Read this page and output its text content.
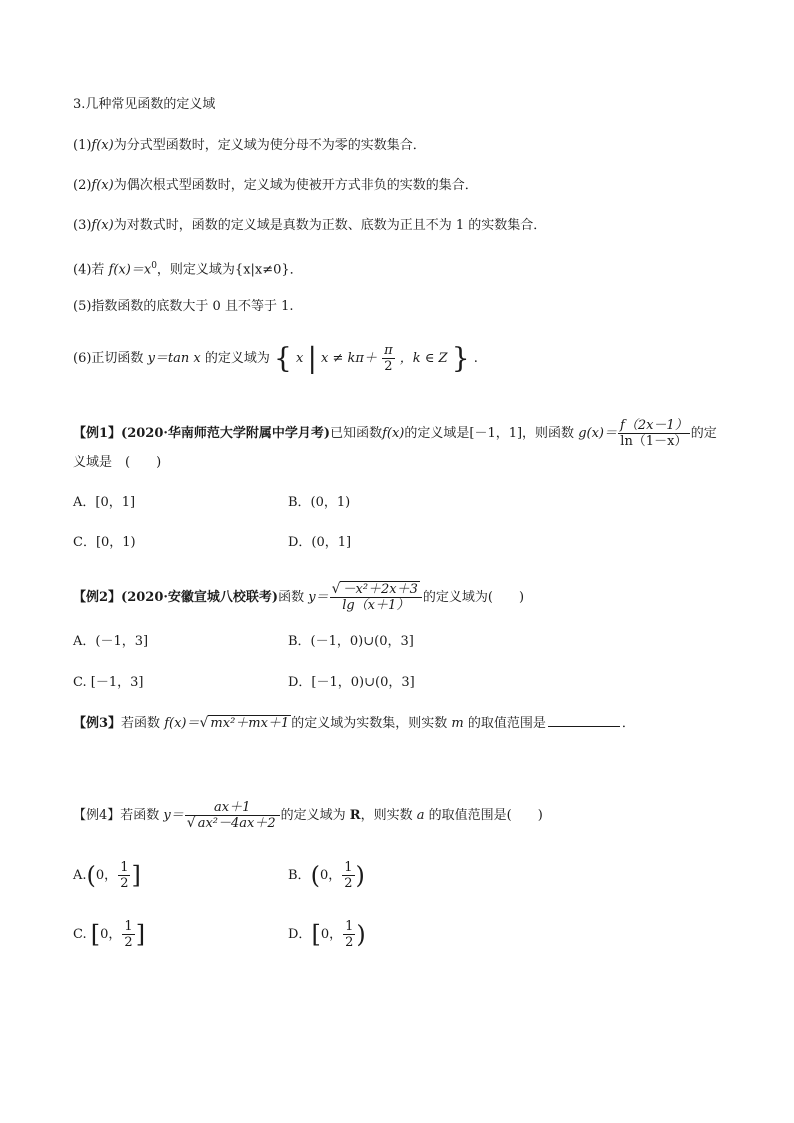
3.几种常见函数的定义域
(1)f(x)为分式型函数时，定义域为使分母不为零的实数集合．
(2)f(x)为偶次根式型函数时，定义域为使被开方式非负的实数的集合．
(3)f(x)为对数式时，函数的定义域是真数为正数、底数为正且不为 1 的实数集合．
(4)若 $f(x)=x^0$，则定义域为{x|x≠0}．
(5)指数函数的底数大于 0 且不等于 1.
(6)正切函数 y＝tan x 的定义域为 { x | $x \ne k\pi+ \frac{\pi}{2}$ ，k ∈ Z } .
【例1】(2020·华南师范大学附属中学月考)已知函数f(x)的定义域是[－1，1]，则函数 $g(x)= \frac{f(2x-1)}{\ln(1-x)}$ 的定
义域是　(　　)
A．[0，1]	B．(0，1)
C．[0，1)	D．(0，1]
【例2】(2020·安徽宣城八校联考)函数 $y= \frac{\text{√ －x²＋2x＋3}}{\lg(x+1)}$ 的定义域为(　　)
A．(－1，3]	B．(－1，0)∪(0，3]
C. [－1，3]	D．[－1，0)∪(0，3]
【例3】若函数 f(x)＝√ mx²＋mx＋1 的定义域为实数集，则实数 m 的取值范围是	．
【例4】若函数 $y= \frac{ax+1}{\text{√ ax²－4ax＋2}}$ 的定义域为 R，则实数 a 的取值范围是(　　)
A.(0， $\frac{1}{2}$ ]	B．(0， $\frac{1}{2}$ )
C. [0， $\frac{1}{2}$ ]	D．[0， $\frac{1}{2}$ )
